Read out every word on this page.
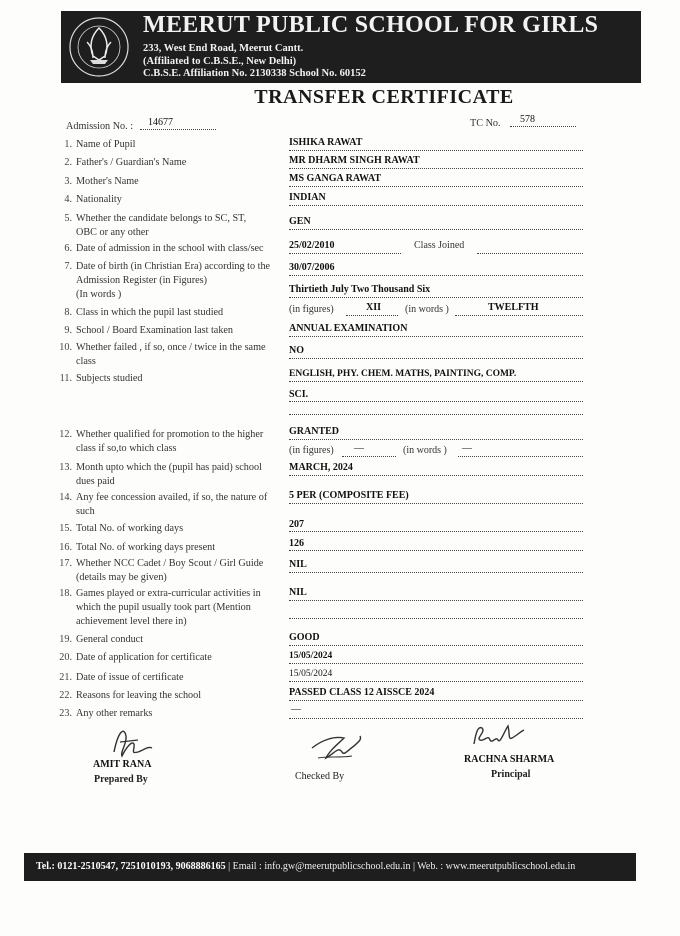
MEERUT PUBLIC SCHOOL FOR GIRLS
233, West End Road, Meerut Cantt.
(Affiliated to C.B.S.E., New Delhi)
C.B.S.E. Affiliation No. 2130338 School No. 60152
TRANSFER CERTIFICATE
Admission No. : 14677	TC No. 578
1. Name of Pupil	ISHIKA RAWAT
2. Father's / Guardian's Name	MR DHARM SINGH RAWAT
3. Mother's Name	MS GANGA RAWAT
4. Nationality	INDIAN
5. Whether the candidate belongs to SC, ST,
OBC or any other
GEN
6. Date of admission in the school with class/sec	25/02/2010	Class Joined
7. Date of birth (in Christian Era) according to the
Admission Register (in Figures)
(In words )
30/07/2006
Thirtieth July Two Thousand Six
8. Class in which the pupil last studied	(in figures)	XII (in words )	TWELFTH
9. School / Board Examination last taken	ANNUAL EXAMINATION
10. Whether failed , if so, once / twice in the same
class
NO
11. Subjects studied	ENGLISH, PHY. CHEM. MATHS, PAINTING, COMP.
SCI.
12. Whether qualified for promotion to the higher
class if so,to which class
GRANTED
(in figures) —	(in words ) —
13. Month upto which the (pupil has paid) school
dues paid
MARCH, 2024
14. Any fee concession availed, if so, the nature of
such
5 PER (COMPOSITE FEE)
15. Total No. of working days	207
16. Total No. of working days present	126
17. Whether NCC Cadet / Boy Scout / Girl Guide
(details may be given)
NIL
18. Games played or extra-curricular activities in
which the pupil usually took part (Mention
achievement level there in)
NIL
19. General conduct	GOOD
20. Date of application for certificate	15/05/2024
21. Date of issue of certificate	15/05/2024
22. Reasons for leaving the school	PASSED CLASS 12 AISSCE 2024
23. Any other remarks	—
AMIT RANA
Prepared By	Checked By
RACHNA SHARMA
Principal
Tel.: 0121-2510547, 7251010193, 9068886165 | Email : info.gw@meerutpublicschool.edu.in | Web. : www.meerutpublicschool.edu.in
